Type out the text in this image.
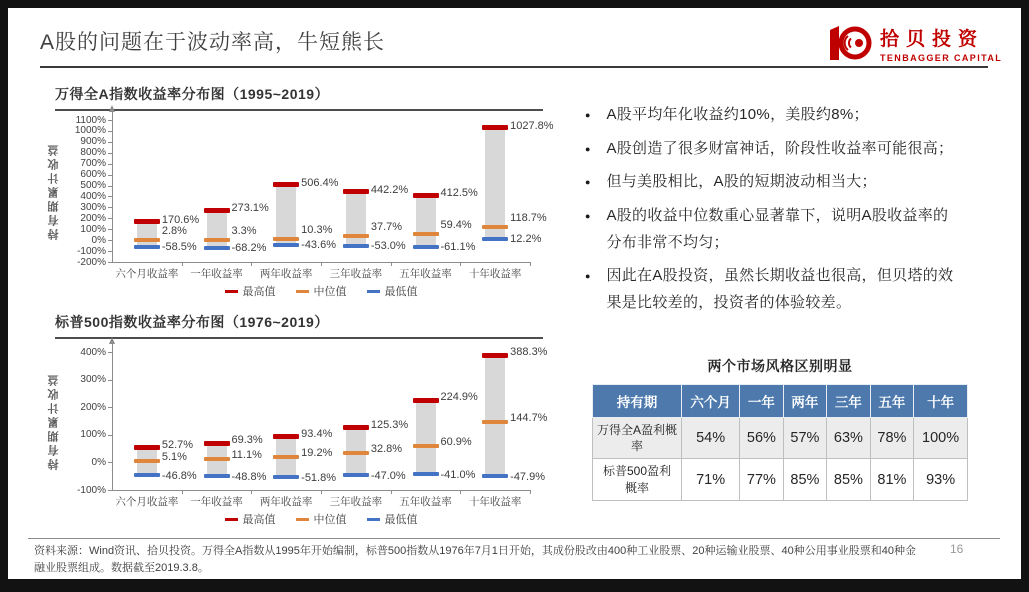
A股的问题在于波动率高，牛短熊长	拾贝投资
TENBAGGER CAPITAL
万得全A指数收益率分布图（1995~2019）
1100%
1000%
900%
800%
700%
600%
500%
400%
300%
200%
100%
0%
-100%
-200%
持有期累计收益
六个月收益率
170.6%
2.8%
-58.5%
一年收益率
273.1%
3.3%
-68.2%
两年收益率
506.4%
10.3%
-43.6%
三年收益率
442.2%
37.7%
-53.0%
五年收益率
412.5%
59.4%
-61.1%
十年收益率
1027.8%
118.7%
12.2%
最高值	中位值	最低值
标普500指数收益率分布图（1976~2019）
400%
300%
200%
100%
0%
-100%
持有期累计收益
六个月收益率
52.7%
5.1%
-46.8%
一年收益率
69.3%
11.1%
-48.8%
两年收益率
93.4%
19.2%
-51.8%
三年收益率
125.3%
32.8%
-47.0%
五年收益率
224.9%
60.9%
-41.0%
十年收益率
388.3%
144.7%
-47.9%
最高值	中位值	最低值
● A股平均年化收益约10%，美股约8%；
● A股创造了很多财富神话，阶段性收益率可能很高；
● 但与美股相比，A股的短期波动相当大；
● A股的收益中位数重心显著靠下，说明A股收益率的分布非常不均匀；
● 因此在A股投资，虽然长期收益也很高，但贝塔的效果是比较差的，投资者的体验较差。
两个市场风格区别明显
持有期	六个月	一年	两年	三年	五年	十年
万得全A盈利概率	54%	56%	57%	63%	78%	100%
标普500盈利概率	71%	77%	85%	85%	81%	93%
资料来源：Wind资讯、拾贝投资。万得全A指数从1995年开始编制，标普500指数从1976年7月1日开始，其成份股改由400种工业股票、20种运输业股票、40种公用事业股票和40种金融业股票组成。数据截至2019.3.8。
16
